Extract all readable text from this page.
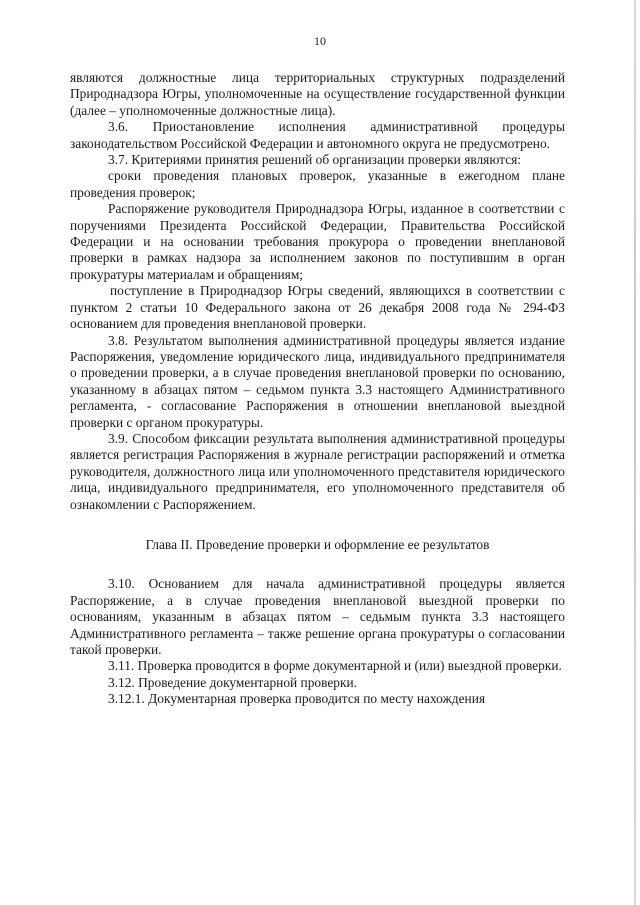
10

являются должностные лица территориальных структурных подразделений Природнадзора Югры, уполномоченные на осуществление государственной функции (далее – уполномоченные должностные лица).

3.6. Приостановление исполнения административной процедуры законодательством Российской Федерации и автономного округа не предусмотрено.

3.7. Критериями принятия решений об организации проверки являются:

сроки проведения плановых проверок, указанные в ежегодном плане проведения проверок;

Распоряжение руководителя Природнадзора Югры, изданное в соответствии с поручениями Президента Российской Федерации, Правительства Российской Федерации и на основании требования прокурора о проведении внеплановой проверки в рамках надзора за исполнением законов по поступившим в орган прокуратуры материалам и обращениям;

поступление в Природнадзор Югры сведений, являющихся в соответствии с пунктом 2 статьи 10 Федерального закона от 26 декабря 2008 года № 294-ФЗ основанием для проведения внеплановой проверки.

3.8. Результатом выполнения административной процедуры является издание Распоряжения, уведомление юридического лица, индивидуального предпринимателя о проведении проверки, а в случае проведения внеплановой проверки по основанию, указанному в абзацах пятом – седьмом пункта 3.3 настоящего Административного регламента, - согласование Распоряжения в отношении внеплановой выездной проверки с органом прокуратуры.

3.9. Способом фиксации результата выполнения административной процедуры является регистрация Распоряжения в журнале регистрации распоряжений и отметка руководителя, должностного лица или уполномоченного представителя юридического лица, индивидуального предпринимателя, его уполномоченного представителя об ознакомлении с Распоряжением.

Глава II. Проведение проверки и оформление ее результатов

3.10. Основанием для начала административной процедуры является Распоряжение, а в случае проведения внеплановой выездной проверки по основаниям, указанным в абзацах пятом – седьмым пункта 3.3 настоящего Административного регламента – также решение органа прокуратуры о согласовании такой проверки.

3.11. Проверка проводится в форме документарной и (или) выездной проверки.

3.12. Проведение документарной проверки.

3.12.1. Документарная проверка проводится по месту нахождения
